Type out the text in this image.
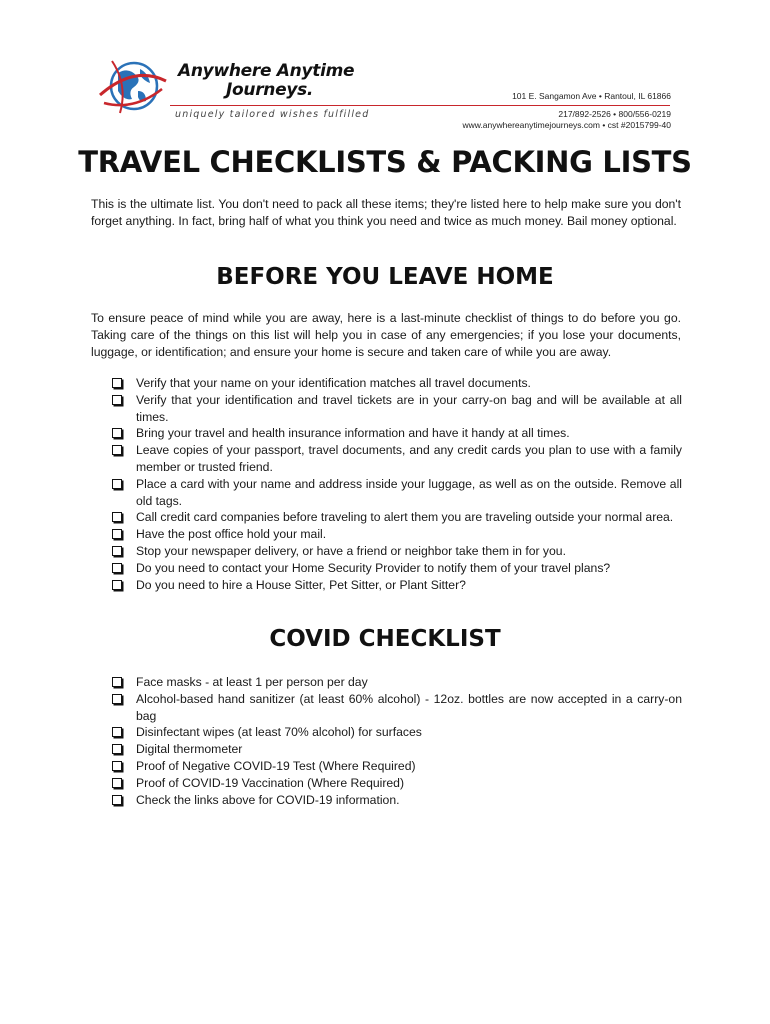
Anywhere Anytime
Journeys.
uniquely tailored wishes fulfilled
101 E. Sangamon Ave • Rantoul, IL 61866
217/892-2526 • 800/556-0219
www.anywhereanytimejourneys.com • cst #2015799-40
TRAVEL CHECKLISTS & PACKING LISTS

This is the ultimate list. You don't need to pack all these items; they're listed here to help make sure you don't forget anything. In fact, bring half of what you think you need and twice as much money. Bail money optional.

BEFORE YOU LEAVE HOME

To ensure peace of mind while you are away, here is a last-minute checklist of things to do before you go. Taking care of the things on this list will help you in case of any emergencies; if you lose your documents, luggage, or identification; and ensure your home is secure and taken care of while you are away.

Verify that your name on your identification matches all travel documents.
Verify that your identification and travel tickets are in your carry-on bag and will be available at all times.
Bring your travel and health insurance information and have it handy at all times.
Leave copies of your passport, travel documents, and any credit cards you plan to use with a family member or trusted friend.
Place a card with your name and address inside your luggage, as well as on the outside. Remove all old tags.
Call credit card companies before traveling to alert them you are traveling outside your normal area.
Have the post office hold your mail.
Stop your newspaper delivery, or have a friend or neighbor take them in for you.
Do you need to contact your Home Security Provider to notify them of your travel plans?
Do you need to hire a House Sitter, Pet Sitter, or Plant Sitter?
COVID CHECKLIST
Face masks - at least 1 per person per day
Alcohol-based hand sanitizer (at least 60% alcohol) - 12oz. bottles are now accepted in a carry-on bag
Disinfectant wipes (at least 70% alcohol) for surfaces
Digital thermometer
Proof of Negative COVID-19 Test (Where Required)
Proof of COVID-19 Vaccination (Where Required)
Check the links above for COVID-19 information.
